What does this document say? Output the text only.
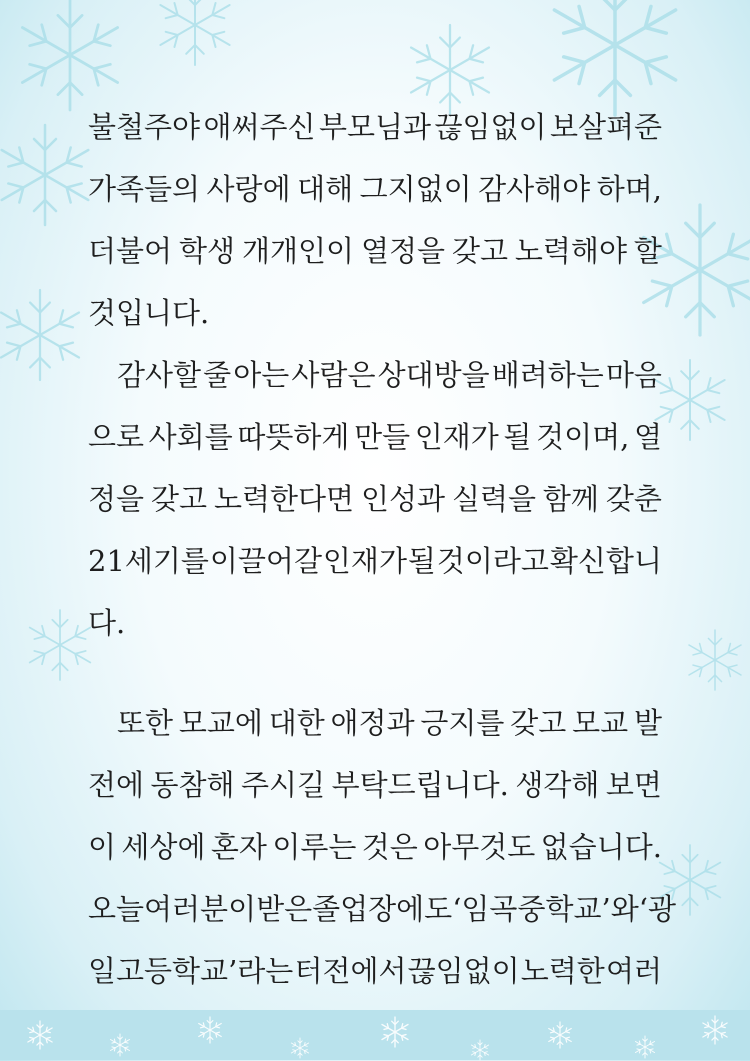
불철주야 애써주신 부모님과 끊임없이 보살펴준
가족들의 사랑에 대해 그지없이 감사해야 하며,
더불어 학생 개개인이 열정을 갖고 노력해야 할
것입니다.
감사할 줄 아는 사람은 상대방을 배려하는 마음
으로 사회를 따뜻하게 만들 인재가 될 것이며, 열
정을 갖고 노력한다면 인성과 실력을 함께 갖춘
21세기를 이끌어갈 인재가 될 것이라고 확신합니
다.
또한 모교에 대한 애정과 긍지를 갖고 모교 발
전에 동참해 주시길 부탁드립니다. 생각해 보면
이 세상에 혼자 이루는 것은 아무것도 없습니다.
오늘 여러분이 받은 졸업장에도 ‘임곡중학교’와 ‘광
일고등학교’라는 터전에서 끊임없이 노력한 여러
